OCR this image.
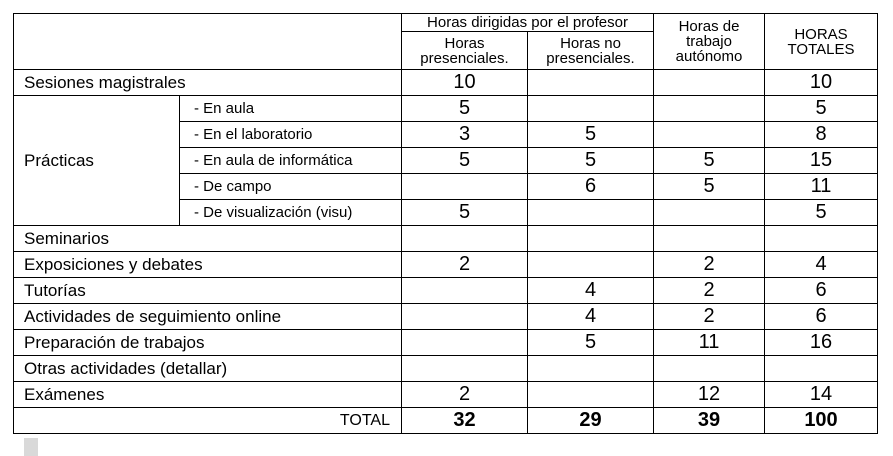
		Horas dirigidas por el profesor		Horas de trabajo autónomo	HORAS TOTALES
		Horas presenciales.	Horas no presenciales.		
Sesiones magistrales		10			10
Prácticas	- En aula	5			5
	- En el laboratorio	3	5		8
	- En aula de informática	5	5	5	15
	- De campo		6	5	11
	- De visualización (visu)	5			5
Seminarios					
Exposiciones y debates		2		2	4
Tutorías			4	2	6
Actividades de seguimiento online			4	2	6
Preparación de trabajos			5	11	16
Otras actividades (detallar)					
Exámenes		2		12	14
TOTAL		32	29	39	100
